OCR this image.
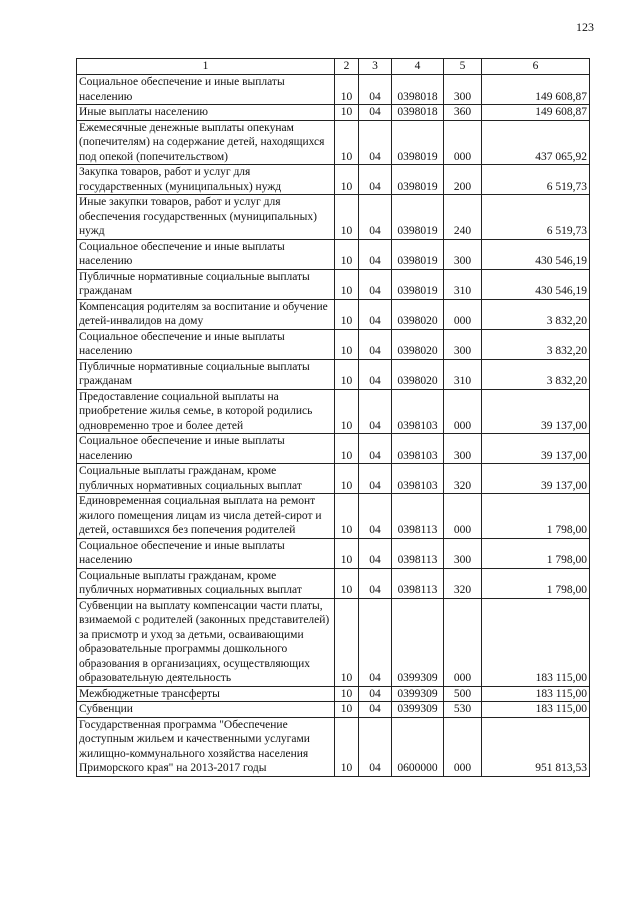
123
1	2	3	4	5	6
Социальное обеспечение и иные выплаты населению	10	04	0398018	300	149 608,87
Иные выплаты населению	10	04	0398018	360	149 608,87
Ежемесячные денежные выплаты опекунам (попечителям) на содержание детей, находящихся под опекой (попечительством)	10	04	0398019	000	437 065,92
Закупка товаров, работ и услуг для государственных (муниципальных) нужд	10	04	0398019	200	6 519,73
Иные закупки товаров, работ и услуг для обеспечения государственных (муниципальных) нужд	10	04	0398019	240	6 519,73
Социальное обеспечение и иные выплаты населению	10	04	0398019	300	430 546,19
Публичные нормативные социальные выплаты гражданам	10	04	0398019	310	430 546,19
Компенсация родителям за воспитание и обучение детей-инвалидов на дому	10	04	0398020	000	3 832,20
Социальное обеспечение и иные выплаты населению	10	04	0398020	300	3 832,20
Публичные нормативные социальные выплаты гражданам	10	04	0398020	310	3 832,20
Предоставление социальной выплаты на приобретение жилья семье, в которой родились одновременно трое и более детей	10	04	0398103	000	39 137,00
Социальное обеспечение и иные выплаты населению	10	04	0398103	300	39 137,00
Социальные выплаты гражданам, кроме публичных нормативных социальных выплат	10	04	0398103	320	39 137,00
Единовременная социальная выплата на ремонт жилого помещения лицам из числа детей-сирот и детей, оставшихся без попечения родителей	10	04	0398113	000	1 798,00
Социальное обеспечение и иные выплаты населению	10	04	0398113	300	1 798,00
Социальные выплаты гражданам, кроме публичных нормативных социальных выплат	10	04	0398113	320	1 798,00
Субвенции на выплату компенсации части платы, взимаемой с родителей (законных представителей) за присмотр и уход за детьми, осваивающими образовательные программы дошкольного образования в организациях, осуществляющих образовательную деятельность	10	04	0399309	000	183 115,00
Межбюджетные трансферты	10	04	0399309	500	183 115,00
Субвенции	10	04	0399309	530	183 115,00
Государственная программа "Обеспечение доступным жильем и качественными услугами жилищно-коммунального хозяйства населения Приморского края" на 2013-2017 годы	10	04	0600000	000	951 813,53
